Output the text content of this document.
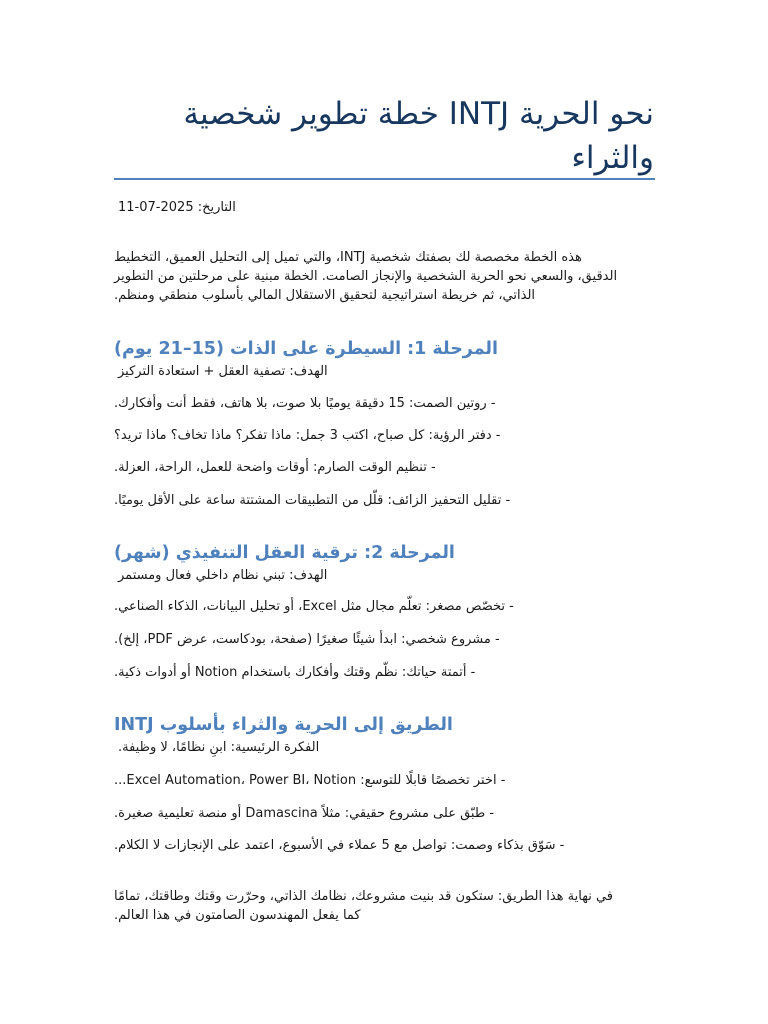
نحو الحرية INTJ خطة تطوير شخصية
والثراء
التاريخ: 2025-07-11
والتي تميل إلى التحليل العميق، التخطيط ،INTJ هذه الخطة مخصصة لك بصفتك شخصية
الدقيق، والسعي نحو الحرية الشخصية والإنجاز الصامت. الخطة مبنية على مرحلتين من التطوير
.الذاتي، ثم خريطة استراتيجية لتحقيق الاستقلال المالي بأسلوب منطقي ومنظم
المرحلة 1: السيطرة على الذات (15–21 يوم)
الهدف: تصفية العقل + استعادة التركيز
- روتين الصمت: 15 دقيقة يوميًا بلا صوت، بلا هاتف، فقط أنت وأفكارك.
- دفتر الرؤية: كل صباح، اكتب 3 جمل: ماذا تفكر؟ ماذا تخاف؟ ماذا تريد؟
- تنظيم الوقت الصارم: أوقات واضحة للعمل، الراحة، العزلة.
- تقليل التحفيز الزائف: قلّل من التطبيقات المشتتة ساعة على الأقل يوميًا.
المرحلة 2: ترقية العقل التنفيذي (شهر)
الهدف: تبني نظام داخلي فعال ومستمر
- تخصّص مصغر: تعلّم مجال مثل Excel، أو تحليل البيانات، الذكاء الصناعي.
- مشروع شخصي: ابدأ شيئًا صغيرًا (صفحة، بودكاست، عرض PDF، إلخ).
- أتمتة حياتك: نظّم وقتك وأفكارك باستخدام Notion أو أدوات ذكية.
الطريق إلى الحرية والثراء بأسلوب INTJ
الفكرة الرئيسية: ابنِ نظامًا، لا وظيفة.
- اختر تخصصًا قابلًا للتوسع: Excel Automation، Power BI، Notion...
- طبّق على مشروع حقيقي: مثلاً Damascina أو منصة تعليمية صغيرة.
- سَوّق بذكاء وصمت: تواصل مع 5 عملاء في الأسبوع، اعتمد على الإنجازات لا الكلام.
في نهاية هذا الطريق: ستكون قد بنيت مشروعك، نظامك الذاتي، وحرّرت وقتك وطاقتك، تمامًا
.كما يفعل المهندسون الصامتون في هذا العالم
